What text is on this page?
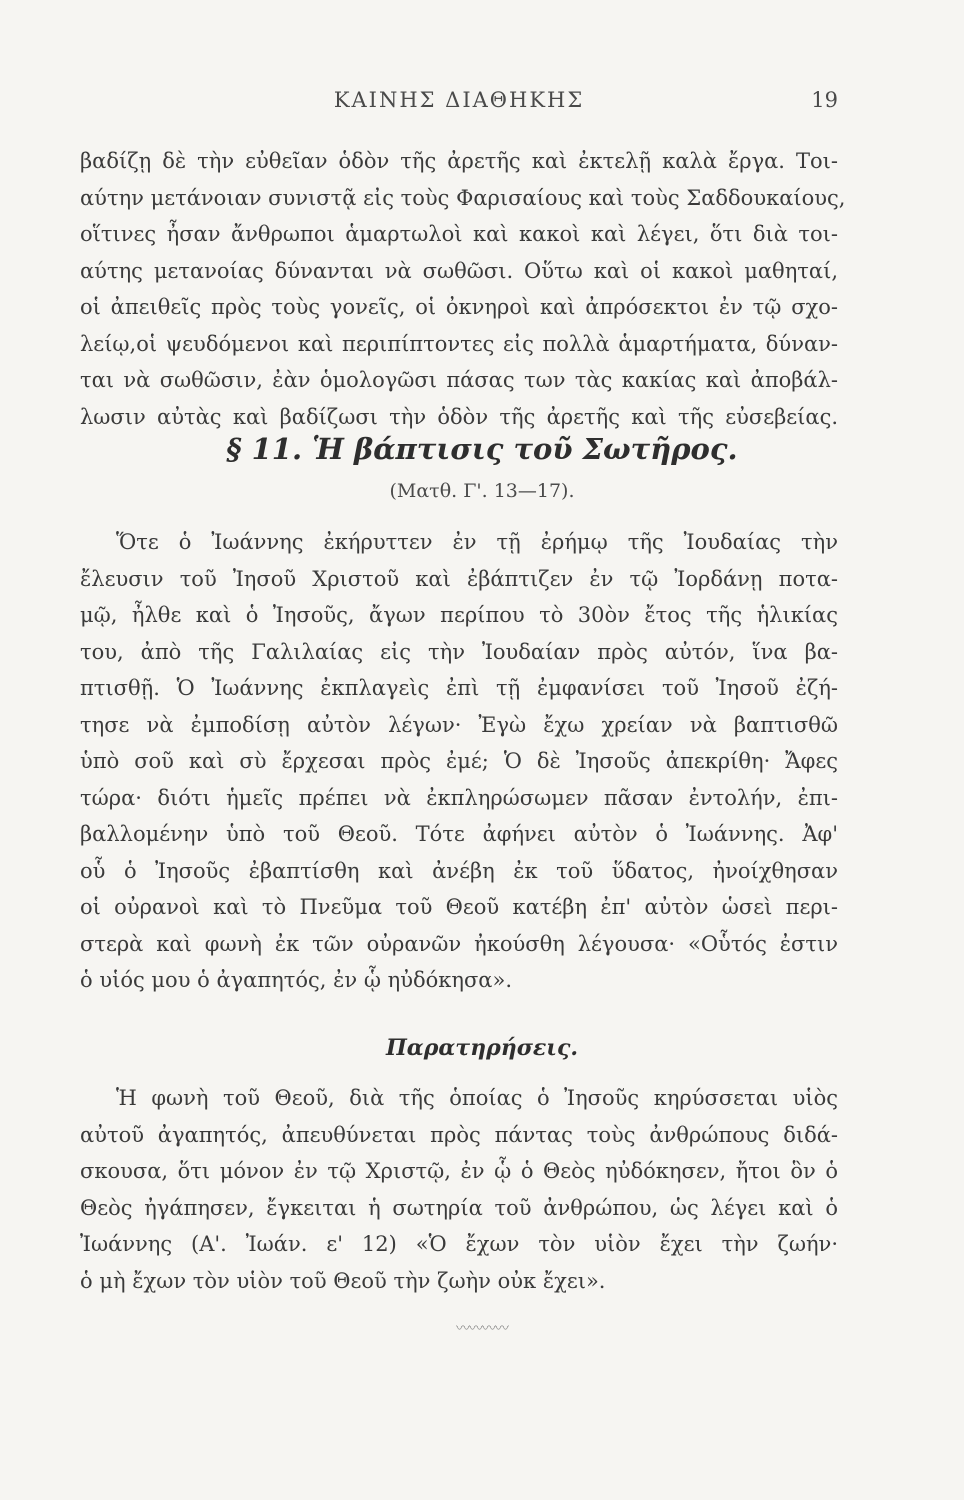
ΚΑΙΝΗΣ ΔΙΑΘΗΚΗΣ	19
βαδίζῃ δὲ τὴν εὐθεῖαν ὁδὸν τῆς ἀρετῆς καὶ ἐκτελῇ καλὰ ἔργα. Τοι-
αύτην μετάνοιαν συνιστᾷ εἰς τοὺς Φαρισαίους καὶ τοὺς Σαδδουκαίους,
οἵτινες ἦσαν ἄνθρωποι ἁμαρτωλοὶ καὶ κακοὶ καὶ λέγει, ὅτι διὰ τοι-
αύτης μετανοίας δύνανται νὰ σωθῶσι. Οὕτω καὶ οἱ κακοὶ μαθηταί,
οἱ ἀπειθεῖς πρὸς τοὺς γονεῖς, οἱ ὀκνηροὶ καὶ ἀπρόσεκτοι ἐν τῷ σχο-
λείῳ,οἱ ψευδόμενοι καὶ περιπίπτοντες εἰς πολλὰ ἁμαρτήματα, δύναν-
ται νὰ σωθῶσιν, ἐὰν ὁμολογῶσι πάσας των τὰς κακίας καὶ ἀποβάλ-
λωσιν αὐτὰς καὶ βαδίζωσι τὴν ὁδὸν τῆς ἀρετῆς καὶ τῆς εὐσεβείας.
§ 11. Ἡ βάπτισις τοῦ Σωτῆρος.
(Ματθ. Γ'. 13—17).
Ὅτε ὁ Ἰωάννης ἐκήρυττεν ἐν τῇ ἐρήμῳ τῆς Ἰουδαίας τὴν
ἔλευσιν τοῦ Ἰησοῦ Χριστοῦ καὶ ἐβάπτιζεν ἐν τῷ Ἰορδάνῃ ποτα-
μῷ, ἦλθε καὶ ὁ Ἰησοῦς, ἄγων περίπου τὸ 30ὸν ἔτος τῆς ἡλικίας
του, ἀπὸ τῆς Γαλιλαίας εἰς τὴν Ἰουδαίαν πρὸς αὐτόν, ἵνα βα-
πτισθῇ. Ὁ Ἰωάννης ἐκπλαγεὶς ἐπὶ τῇ ἐμφανίσει τοῦ Ἰησοῦ ἐζή-
τησε νὰ ἐμποδίσῃ αὐτὸν λέγων· Ἐγὼ ἔχω χρείαν νὰ βαπτισθῶ
ὑπὸ σοῦ καὶ σὺ ἔρχεσαι πρὸς ἐμέ; Ὁ δὲ Ἰησοῦς ἀπεκρίθη· Ἄφες
τώρα· διότι ἡμεῖς πρέπει νὰ ἐκπληρώσωμεν πᾶσαν ἐντολήν, ἐπι-
βαλλομένην ὑπὸ τοῦ Θεοῦ. Τότε ἀφήνει αὐτὸν ὁ Ἰωάννης. Ἀφ'
οὗ ὁ Ἰησοῦς ἐβαπτίσθη καὶ ἀνέβη ἐκ τοῦ ὕδατος, ἠνοίχθησαν
οἱ οὐρανοὶ καὶ τὸ Πνεῦμα τοῦ Θεοῦ κατέβη ἐπ' αὐτὸν ὡσεὶ περι-
στερὰ καὶ φωνὴ ἐκ τῶν οὐρανῶν ἠκούσθη λέγουσα· «Οὗτός ἐστιν
ὁ υἱός μου ὁ ἀγαπητός, ἐν ᾧ ηὐδόκησα».
Παρατηρήσεις.
Ἡ φωνὴ τοῦ Θεοῦ, διὰ τῆς ὁποίας ὁ Ἰησοῦς κηρύσσεται υἱὸς
αὐτοῦ ἀγαπητός, ἀπευθύνεται πρὸς πάντας τοὺς ἀνθρώπους διδά-
σκουσα, ὅτι μόνον ἐν τῷ Χριστῷ, ἐν ᾧ ὁ Θεὸς ηὐδόκησεν, ἤτοι ὃν ὁ
Θεὸς ἠγάπησεν, ἔγκειται ἡ σωτηρία τοῦ ἀνθρώπου, ὡς λέγει καὶ ὁ
Ἰωάννης (Α'. Ἰωάν. ε' 12) «Ὁ ἔχων τὸν υἱὸν ἔχει τὴν ζωήν·
ὁ μὴ ἔχων τὸν υἱὸν τοῦ Θεοῦ τὴν ζωὴν οὐκ ἔχει».
〰〰〰〰
